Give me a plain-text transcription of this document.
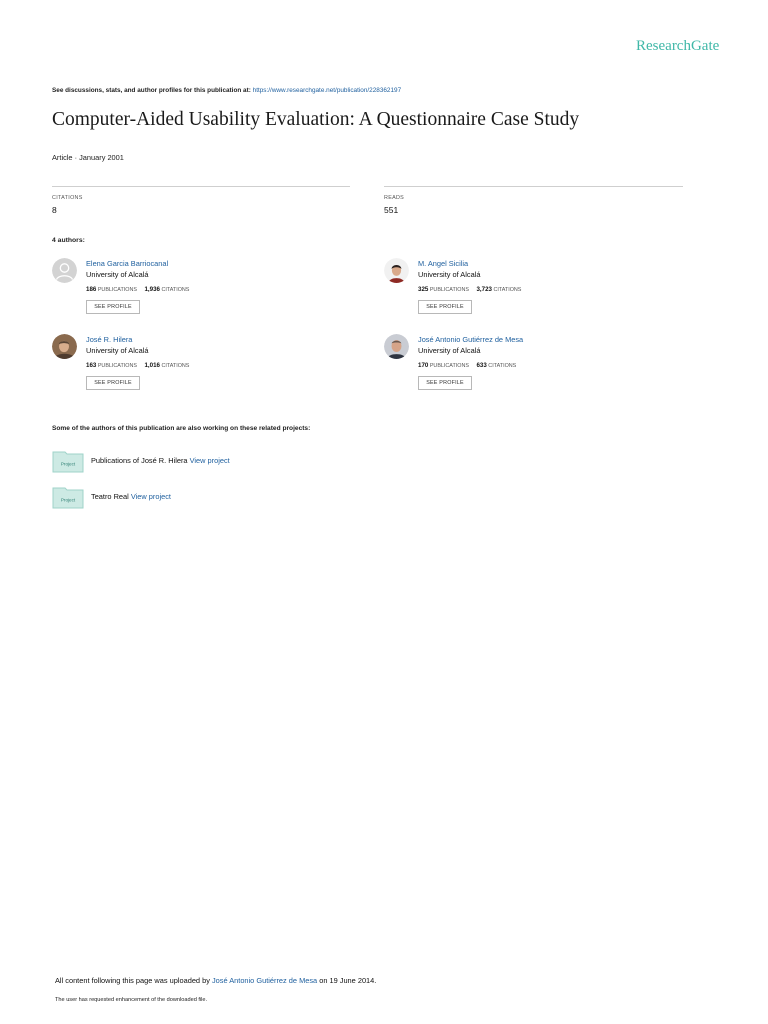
ResearchGate
See discussions, stats, and author profiles for this publication at: https://www.researchgate.net/publication/228362197
Computer-Aided Usability Evaluation: A Questionnaire Case Study
Article · January 2001
CITATIONS
8
READS
551
4 authors:
Elena Garcia Barriocanal
University of Alcalá
186 PUBLICATIONS 1,936 CITATIONS
SEE PROFILE
M. Angel Sicilia
University of Alcalá
325 PUBLICATIONS 3,723 CITATIONS
SEE PROFILE
José R. Hilera
University of Alcalá
163 PUBLICATIONS 1,016 CITATIONS
SEE PROFILE
José Antonio Gutiérrez de Mesa
University of Alcalá
170 PUBLICATIONS 633 CITATIONS
SEE PROFILE
Some of the authors of this publication are also working on these related projects:
Project Publications of José R. Hilera View project
Project Teatro Real View project
All content following this page was uploaded by José Antonio Gutiérrez de Mesa on 19 June 2014.
The user has requested enhancement of the downloaded file.
